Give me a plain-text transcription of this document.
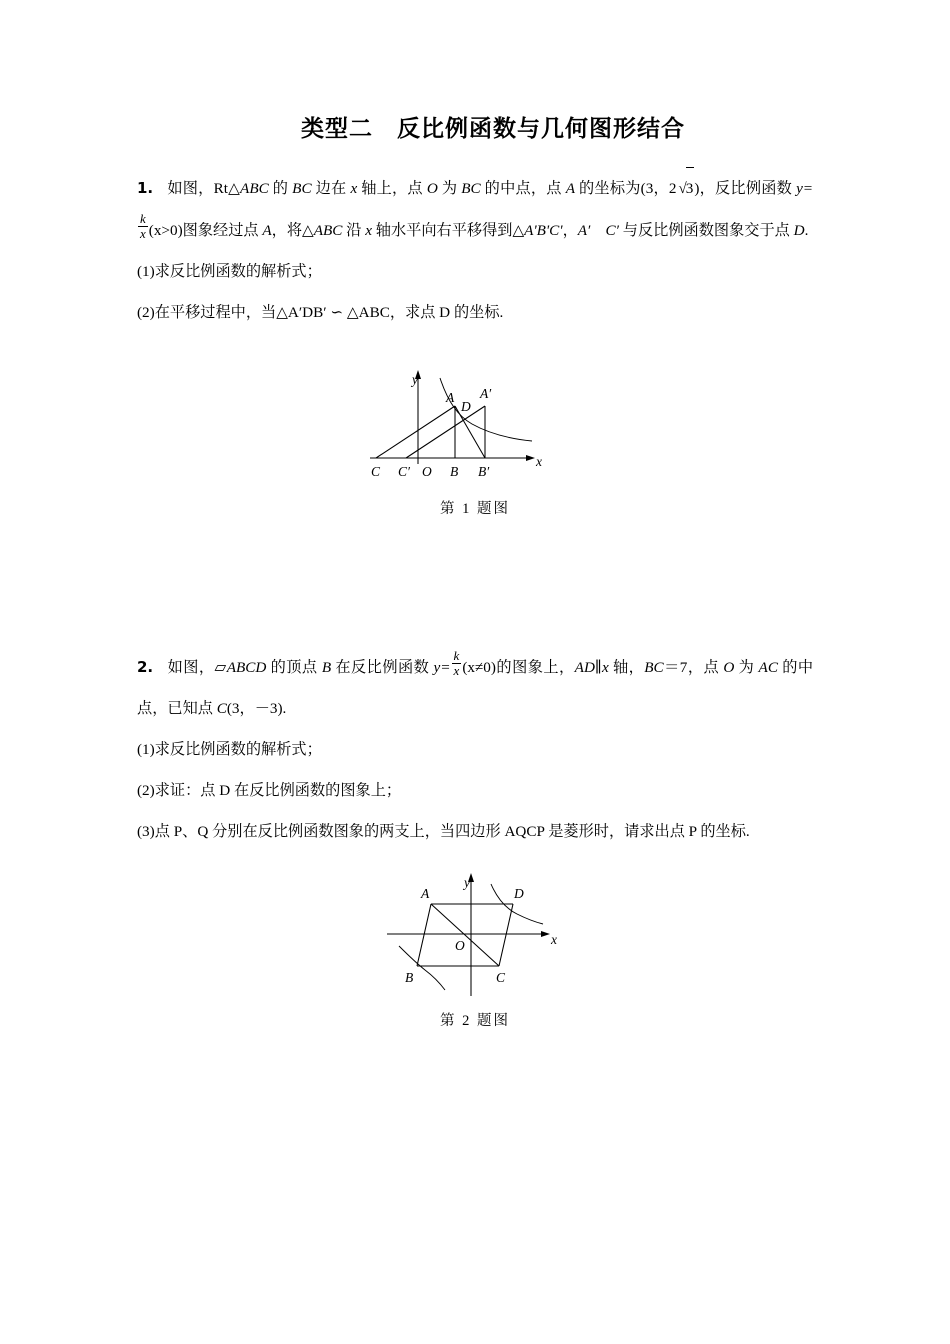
类型二　反比例函数与几何图形结合

1. 如图，Rt△ABC 的 BC 边在 x 轴上，点 O 为 BC 的中点，点 A 的坐标为(3，2 √ 3)，反比例函数 y=
$\frac{k}{x} (x>0)$图象经过点 A，将△ABC 沿 x 轴水平向右平移得到△A'B'C'，A′　C′ 与反比例函数图象交于点 D.

(1)求反比例函数的解析式；

(2)在平移过程中，当△A′DB′ ∽ △ABC，求点 D 的坐标.

y
x
C C′ O B B′
A
D
A′
第 1 题图

2. 如图，▱ABCD 的顶点 B 在反比例函数 $y= \frac{k}{x} (x\ne 0)$的图象上，AD∥x 轴，BC＝7，点 O 为 AC 的中点，已知点 C(3，－3).

(1)求反比例函数的解析式；

(2)求证：点 D 在反比例函数的图象上；

(3)点 P、Q 分别在反比例函数图象的两支上，当四边形 AQCP 是菱形时，请求出点 P 的坐标.

y
x
A	D
B	C
O
第 2 题图
